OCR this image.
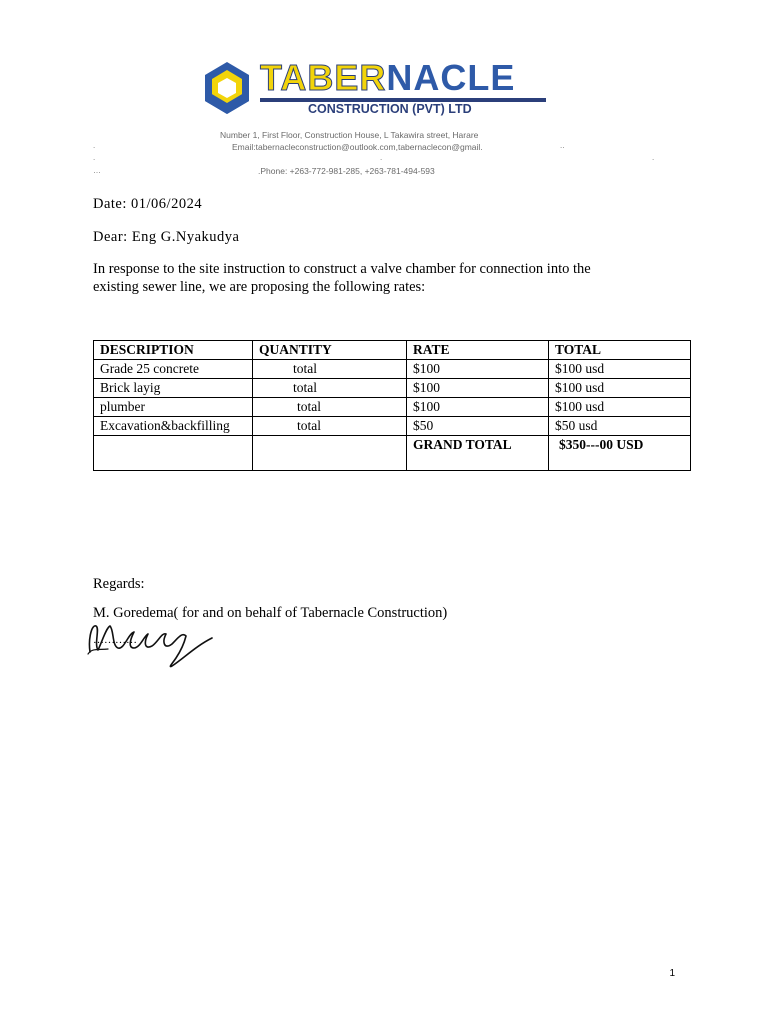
TABERNACLE
CONSTRUCTION (PVT) LTD
Number 1, First Floor, Construction House, L Takawira street, Harare
.	Email:tabernacleconstruction@outlook.com,tabernaclecon@gmail.	..
.	.	.
…	.Phone: +263-772-981-285, +263-781-494-593
Date: 01/06/2024
Dear: Eng G.Nyakudya
In response to the site instruction to construct a valve chamber for connection into the
existing sewer line, we are proposing the following rates:
DESCRIPTION	QUANTITY	RATE	TOTAL
Grade 25 concrete	total	$100	$100 usd
Brick layig	total	$100	$100 usd
plumber	total	$100	$100 usd
Excavation&backfilling	total	$50	$50 usd
		GRAND TOTAL	$350---00 USD
Regards:
M. Goredema( for and on behalf of Tabernacle Construction)
…………
1
